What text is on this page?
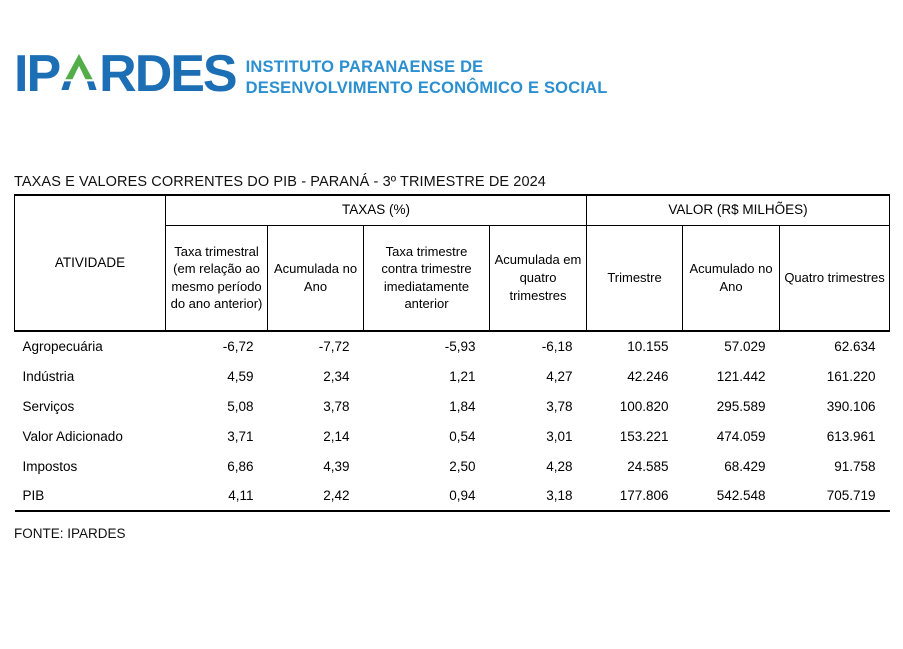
IP RDES INSTITUTO PARANAENSE DE
DESENVOLVIMENTO ECONÔMICO E SOCIAL
TAXAS E VALORES CORRENTES DO PIB - PARANÁ - 3º TRIMESTRE DE 2024
ATIVIDADE	TAXAS (%)				VALOR (R$ MILHÕES)		
	Taxa trimestral (em relação ao mesmo período do ano anterior)	Acumulada no Ano	Taxa trimestre contra trimestre imediatamente anterior	Acumulada em quatro trimestres	Trimestre	Acumulado no Ano	Quatro trimestres
Agropecuária	-6,72	-7,72	-5,93	-6,18	10.155	57.029	62.634
Indústria	4,59	2,34	1,21	4,27	42.246	121.442	161.220
Serviços	5,08	3,78	1,84	3,78	100.820	295.589	390.106
Valor Adicionado	3,71	2,14	0,54	3,01	153.221	474.059	613.961
Impostos	6,86	4,39	2,50	4,28	24.585	68.429	91.758
PIB	4,11	2,42	0,94	3,18	177.806	542.548	705.719
FONTE: IPARDES
